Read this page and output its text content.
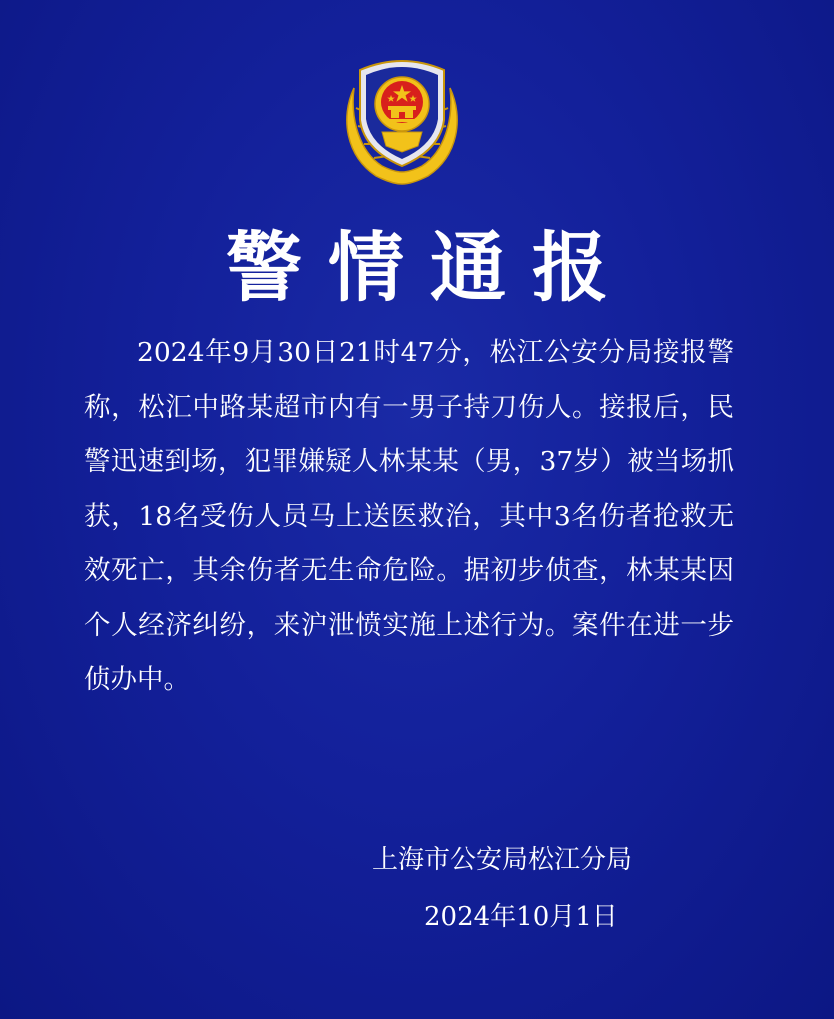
警情通报

2024年9月30日21时47分，松江公安分局接报警称，松汇中路某超市内有一男子持刀伤人。接报后，民警迅速到场，犯罪嫌疑人林某某（男，37岁）被当场抓获，18名受伤人员马上送医救治，其中3名伤者抢救无效死亡，其余伤者无生命危险。据初步侦查，林某某因个人经济纠纷，来沪泄愤实施上述行为。案件在进一步侦办中。

上海市公安局松江分局
2024年10月1日
